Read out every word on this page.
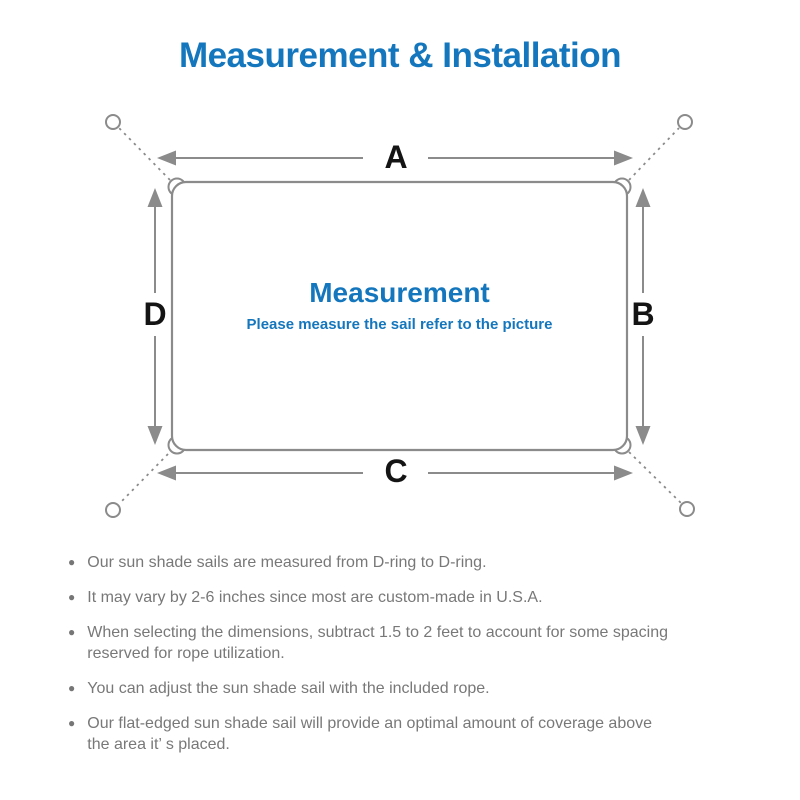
Measurement & Installation
A
B
C
D
Measurement
Please measure the sail refer to the picture
● Our sun shade sails are measured from D-ring to D-ring.
● It may vary by 2-6 inches since most are custom-made in U.S.A.
● When selecting the dimensions, subtract 1.5 to 2 feet to account for some spacing
reserved for rope utilization.
● You can adjust the sun shade sail with the included rope.
● Our flat-edged sun shade sail will provide an optimal amount of coverage above
the area it’ s placed.
